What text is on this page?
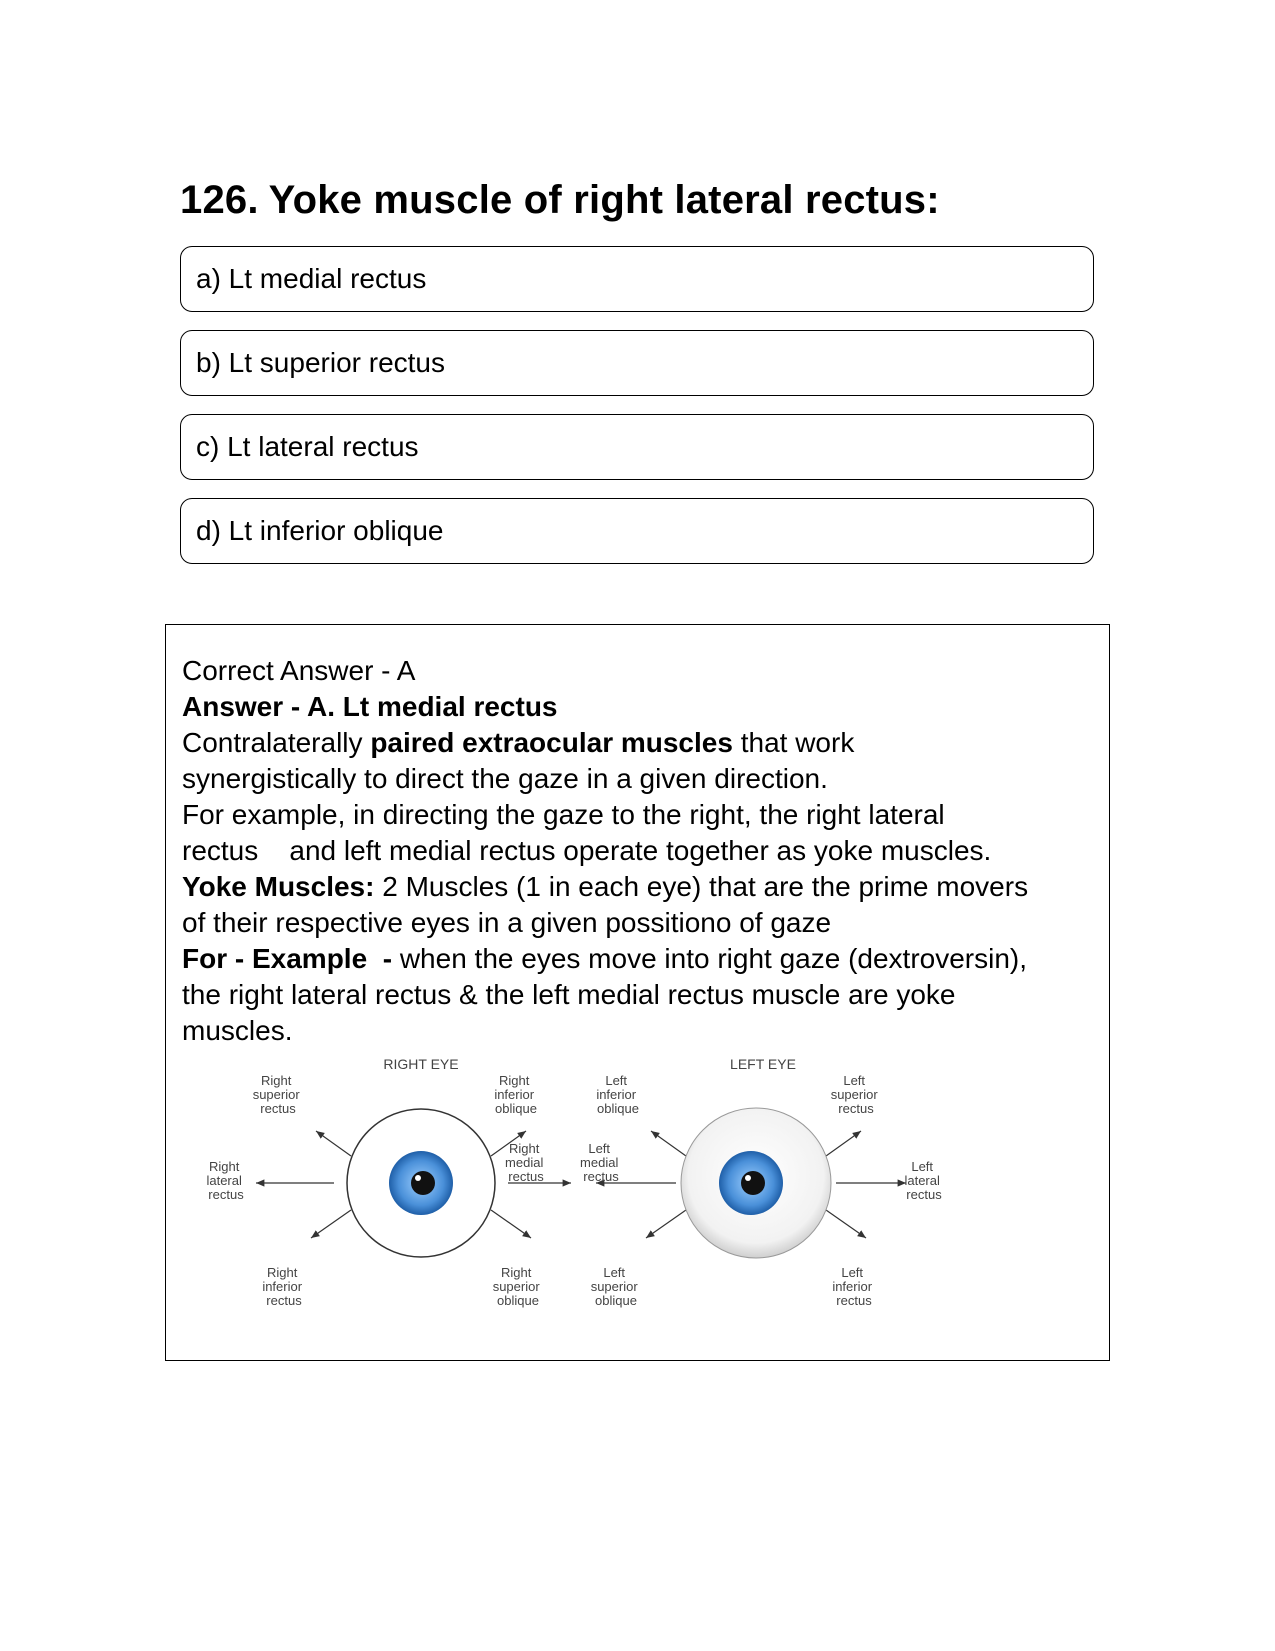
126. Yoke muscle of right lateral rectus:
a) Lt medial rectus
b) Lt superior rectus
c) Lt lateral rectus
d) Lt inferior oblique
Correct Answer - A
Answer - A. Lt medial rectus
Contralaterally paired extraocular muscles that work
synergistically to direct the gaze in a given direction.
For example, in directing the gaze to the right, the right lateral
rectus    and left medial rectus operate together as yoke muscles.
Yoke Muscles: 2 Muscles (1 in each eye) that are the prime movers
of their respective eyes in a given possitiono of gaze
For - Example  - when the eyes move into right gaze (dextroversin),
the right lateral rectus & the left medial rectus muscle are yoke
muscles.
RIGHT EYE	LEFT EYE
Right superior rectus
Right inferior oblique
Right lateral rectus
Right medial rectus
Right inferior rectus
Right superior oblique
Left inferior oblique
Left superior rectus
Left medial rectus
Left lateral rectus
Left superior oblique
Left inferior rectus
